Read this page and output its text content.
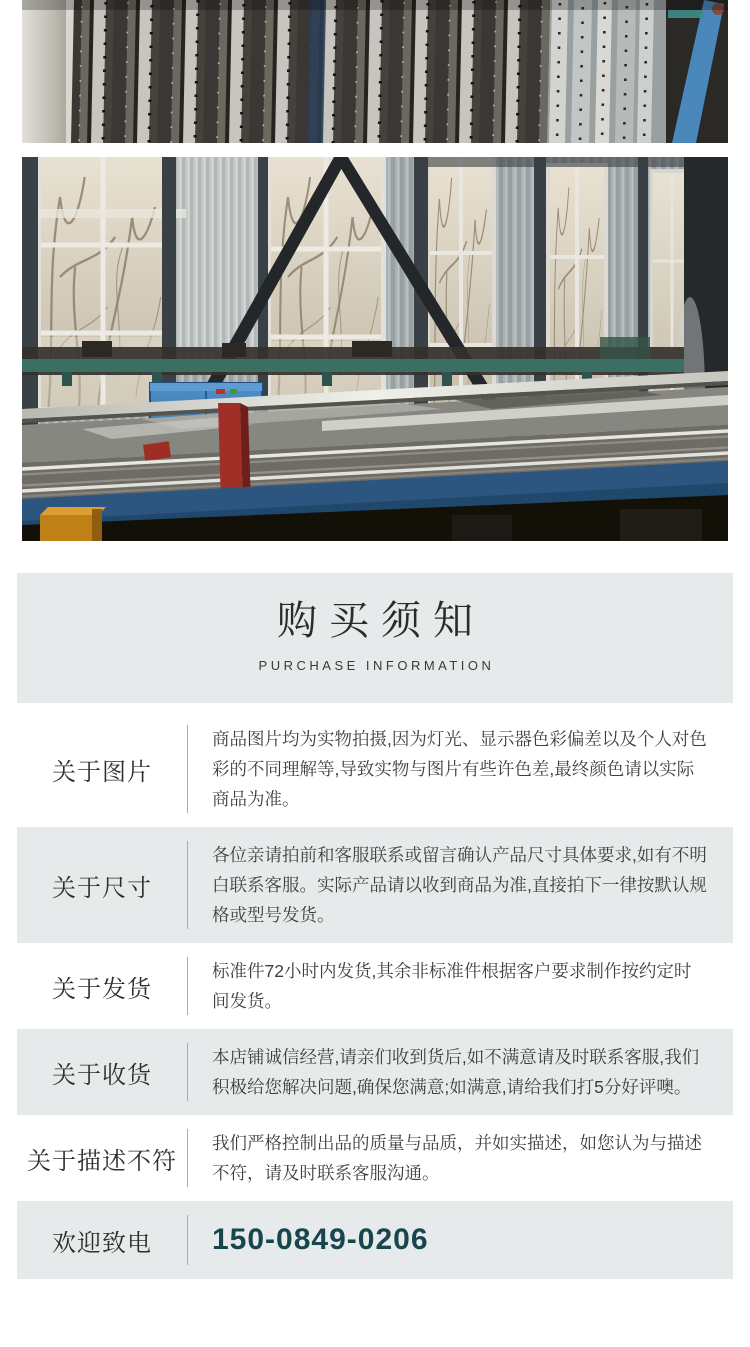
购买须知
PURCHASE INFORMATION
关于图片
商品图片均为实物拍摄,因为灯光、显示器色彩偏差以及个人对色彩的不同理解等,导致实物与图片有些许色差,最终颜色请以实际商品为准。
关于尺寸
各位亲请拍前和客服联系或留言确认产品尺寸具体要求,如有不明白联系客服。实际产品请以收到商品为准,直接拍下一律按默认规格或型号发货。
关于发货
标准件72小时内发货,其余非标准件根据客户要求制作按约定时间发货。
关于收货
本店铺诚信经营,请亲们收到货后,如不满意请及时联系客服,我们积极给您解决问题,确保您满意;如满意,请给我们打5分好评噢。
关于描述不符
我们严格控制出品的质量与品质，并如实描述，如您认为与描述不符，请及时联系客服沟通。
欢迎致电	150-0849-0206
